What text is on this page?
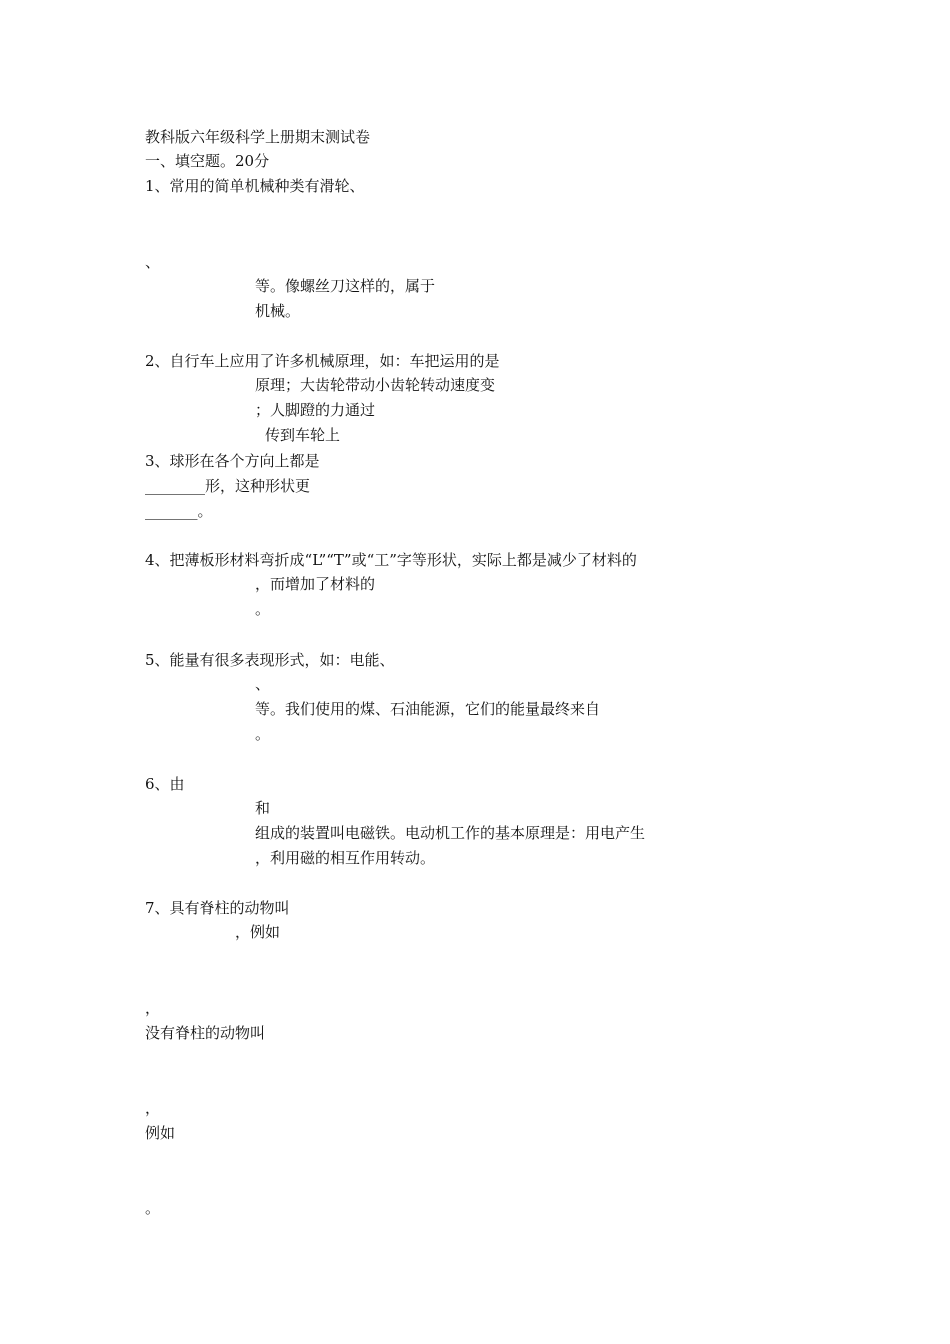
教科版六年级科学上册期末测试卷
一、填空题。20分
1、常用的简单机械种类有滑轮、
、
等。像螺丝刀这样的，属于
机械。
2、自行车上应用了许多机械原理，如：车把运用的是
原理；大齿轮带动小齿轮转动速度变
；人脚蹬的力通过
传到车轮上
3、球形在各个方向上都是
________形，这种形状更
_______。
4、把薄板形材料弯折成“L”“T”或“工”字等形状，实际上都是减少了材料的
，而增加了材料的
。
5、能量有很多表现形式，如：电能、
、
等。我们使用的煤、石油能源，它们的能量最终来自
。
6、由
和
组成的装置叫电磁铁。电动机工作的基本原理是：用电产生
，利用磁的相互作用转动。
7、具有脊柱的动物叫
，例如
，
没有脊柱的动物叫
，
例如
。
